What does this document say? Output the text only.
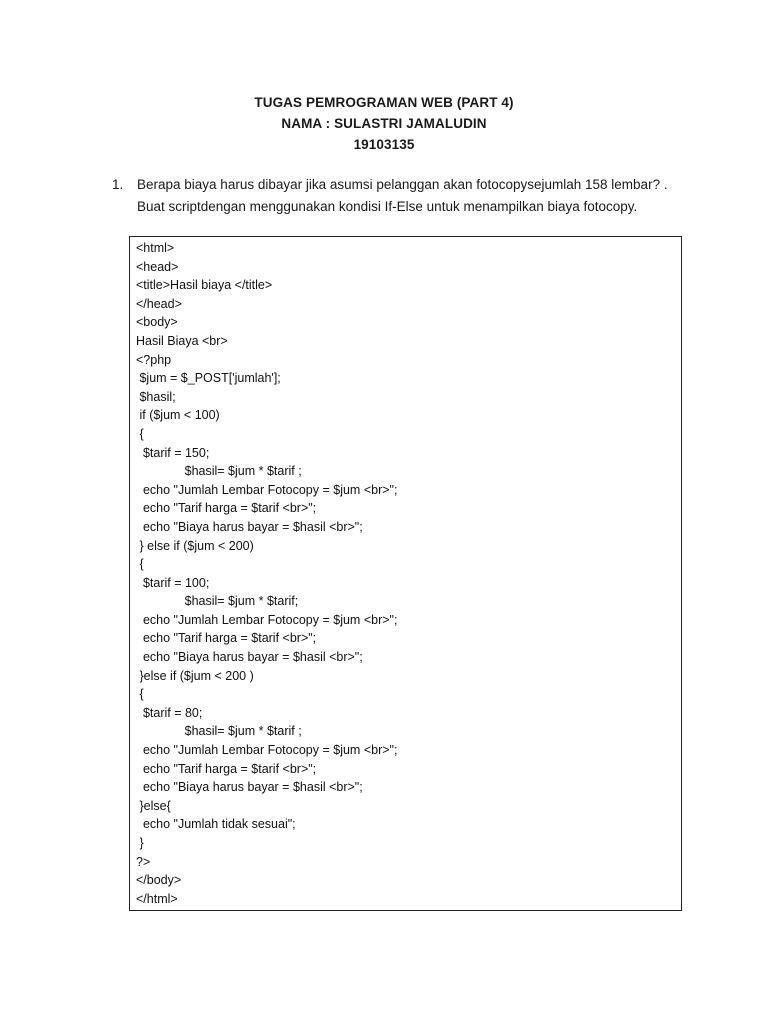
TUGAS PEMROGRAMAN WEB (PART 4)
NAMA : SULASTRI JAMALUDIN
19103135
1. Berapa biaya harus dibayar jika asumsi pelanggan akan fotocopysejumlah 158 lembar? .
Buat scriptdengan menggunakan kondisi If-Else untuk menampilkan biaya fotocopy.
<html>
<head>
<title>Hasil biaya </title>
</head>
<body>
Hasil Biaya <br>
<?php
$jum = $_POST['jumlah'];
$hasil;
if ($jum < 100)
{
$tarif = 150;
$hasil= $jum * $tarif ;
echo "Jumlah Lembar Fotocopy = $jum <br>";
echo "Tarif harga = $tarif <br>";
echo "Biaya harus bayar = $hasil <br>";
} else if ($jum < 200)
{
$tarif = 100;
$hasil= $jum * $tarif;
echo "Jumlah Lembar Fotocopy = $jum <br>";
echo "Tarif harga = $tarif <br>";
echo "Biaya harus bayar = $hasil <br>";
}else if ($jum < 200 )
{
$tarif = 80;
$hasil= $jum * $tarif ;
echo "Jumlah Lembar Fotocopy = $jum <br>";
echo "Tarif harga = $tarif <br>";
echo "Biaya harus bayar = $hasil <br>";
}else{
echo "Jumlah tidak sesuai";
}
?>
</body>
</html>
